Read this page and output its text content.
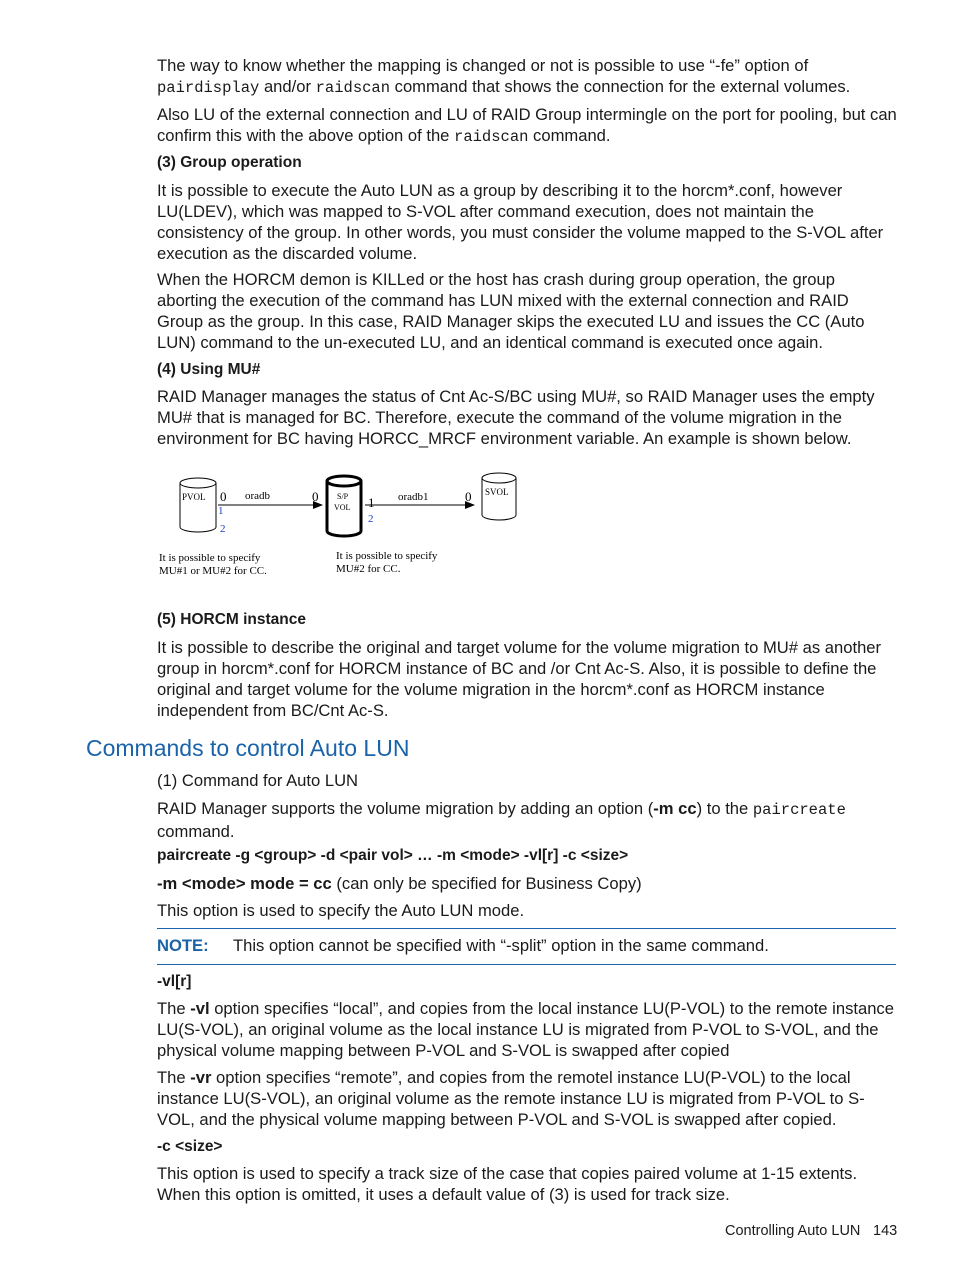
The way to know whether the mapping is changed or not is possible to use “-fe” option of pairdisplay and/or raidscan command that shows the connection for the external volumes.

Also LU of the external connection and LU of RAID Group intermingle on the port for pooling, but can confirm this with the above option of the raidscan command.

(3) Group operation

It is possible to execute the Auto LUN as a group by describing it to the horcm*.conf, however LU(LDEV), which was mapped to S-VOL after command execution, does not maintain the consistency of the group. In other words, you must consider the volume mapped to the S-VOL after execution as the discarded volume.

When the HORCM demon is KILLed or the host has crash during group operation, the group aborting the execution of the command has LUN mixed with the external connection and RAID Group as the group. In this case, RAID Manager skips the executed LU and issues the CC (Auto LUN) command to the un-executed LU, and an identical command is executed once again.

(4) Using MU#

RAID Manager manages the status of Cnt Ac-S/BC using MU#, so RAID Manager uses the empty MU# that is managed for BC. Therefore, execute the command of the volume migration in the environment for BC having HORCC_MRCF environment variable. An example is shown below.

PVOL 0
1
2
oradb	0 S/P
VOL 1
2
oradb1	0 SVOL
It is possible to specify
MU#1 or MU#2 for CC.
It is possible to specify
MU#2 for CC.

(5) HORCM instance

It is possible to describe the original and target volume for the volume migration to MU# as another group in horcm*.conf for HORCM instance of BC and /or Cnt Ac-S. Also, it is possible to define the original and target volume for the volume migration in the horcm*.conf as HORCM instance independent from BC/Cnt Ac-S.

Commands to control Auto LUN

(1) Command for Auto LUN

RAID Manager supports the volume migration by adding an option (-m cc) to the paircreate command.

paircreate -g <group> -d <pair vol> … -m <mode> -vl[r] -c <size>

-m <mode> mode = cc (can only be specified for Business Copy)

This option is used to specify the Auto LUN mode.

NOTE: This option cannot be specified with “-split” option in the same command.

-vl[r]

The -vl option specifies “local”, and copies from the local instance LU(P-VOL) to the remote instance LU(S-VOL), an original volume as the local instance LU is migrated from P-VOL to S-VOL, and the physical volume mapping between P-VOL and S-VOL is swapped after copied

The -vr option specifies “remote”, and copies from the remotel instance LU(P-VOL) to the local instance LU(S-VOL), an original volume as the remote instance LU is migrated from P-VOL to S-VOL, and the physical volume mapping between P-VOL and S-VOL is swapped after copied.

-c <size>

This option is used to specify a track size of the case that copies paired volume at 1-15 extents. When this option is omitted, it uses a default value of (3) is used for track size.

Controlling Auto LUN 143
